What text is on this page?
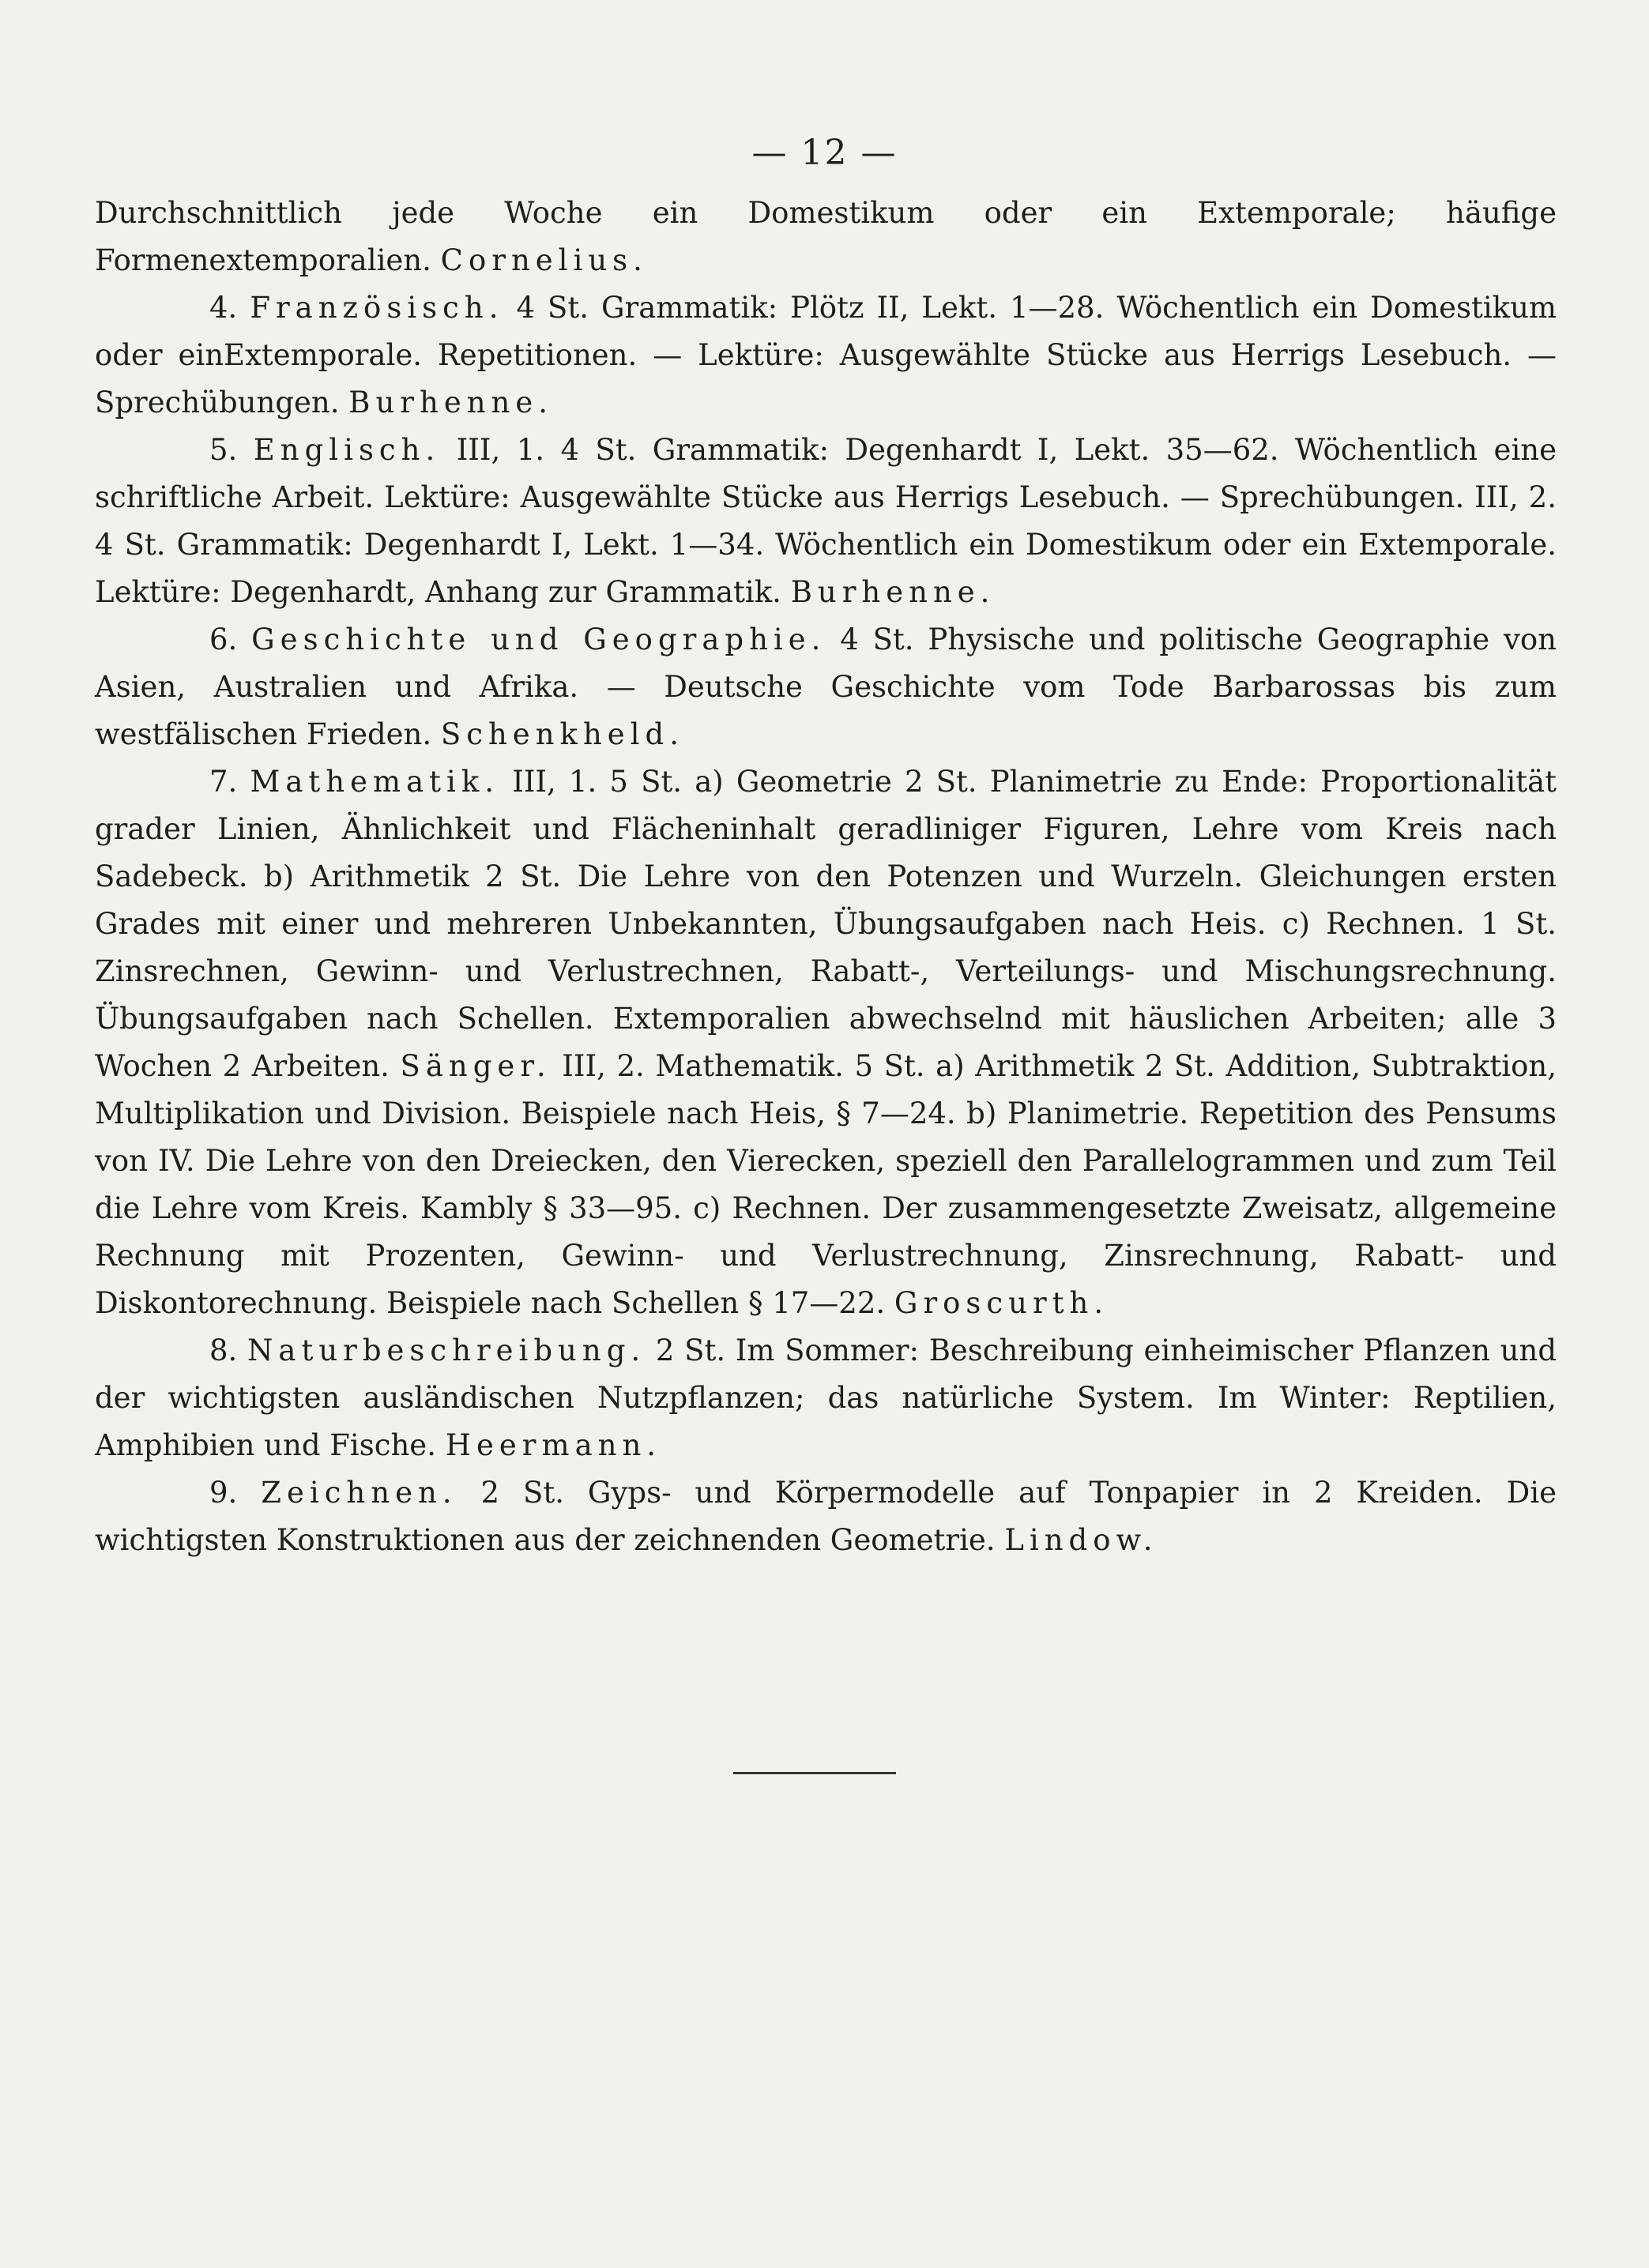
— 12 —

Durchschnittlich jede Woche ein Domestikum oder ein Extemporale; häufige Formenextemporalien. Cornelius.

4. Französisch. 4 St. Grammatik: Plötz II, Lekt. 1—28. Wöchentlich ein Domestikum oder einExtemporale. Repetitionen. — Lektüre: Ausgewählte Stücke aus Herrigs Lesebuch. — Sprechübungen. Burhenne.

5. Englisch. III, 1. 4 St. Grammatik: Degenhardt I, Lekt. 35—62. Wöchentlich eine schriftliche Arbeit. Lektüre: Ausgewählte Stücke aus Herrigs Lesebuch. — Sprechübungen. III, 2. 4 St. Grammatik: Degenhardt I, Lekt. 1—34. Wöchentlich ein Domestikum oder ein Extemporale. Lektüre: Degenhardt, Anhang zur Grammatik. Burhenne.

6. Geschichte und Geographie. 4 St. Physische und politische Geographie von Asien, Australien und Afrika. — Deutsche Geschichte vom Tode Barbarossas bis zum westfälischen Frieden. Schenkheld.

7. Mathematik. III, 1. 5 St. a) Geometrie 2 St. Planimetrie zu Ende: Proportionalität grader Linien, Ähnlichkeit und Flächeninhalt geradliniger Figuren, Lehre vom Kreis nach Sadebeck. b) Arithmetik 2 St. Die Lehre von den Potenzen und Wurzeln. Gleichungen ersten Grades mit einer und mehreren Unbekannten, Übungsaufgaben nach Heis. c) Rechnen. 1 St. Zinsrechnen, Gewinn- und Verlustrechnen, Rabatt-, Verteilungs- und Mischungsrechnung. Übungsaufgaben nach Schellen. Extemporalien abwechselnd mit häuslichen Arbeiten; alle 3 Wochen 2 Arbeiten. Sänger. III, 2. Mathematik. 5 St. a) Arithmetik 2 St. Addition, Subtraktion, Multiplikation und Division. Beispiele nach Heis, § 7—24. b) Planimetrie. Repetition des Pensums von IV. Die Lehre von den Dreiecken, den Vierecken, speziell den Parallelogrammen und zum Teil die Lehre vom Kreis. Kambly § 33—95. c) Rechnen. Der zusammengesetzte Zweisatz, allgemeine Rechnung mit Prozenten, Gewinn- und Verlustrechnung, Zinsrechnung, Rabatt- und Diskontorechnung. Beispiele nach Schellen § 17—22. Groscurth.

8. Naturbeschreibung. 2 St. Im Sommer: Beschreibung einheimischer Pflanzen und der wichtigsten ausländischen Nutzpflanzen; das natürliche System. Im Winter: Reptilien, Amphibien und Fische. Heermann.

9. Zeichnen. 2 St. Gyps- und Körpermodelle auf Tonpapier in 2 Kreiden. Die wichtigsten Konstruktionen aus der zeichnenden Geometrie. Lindow.
